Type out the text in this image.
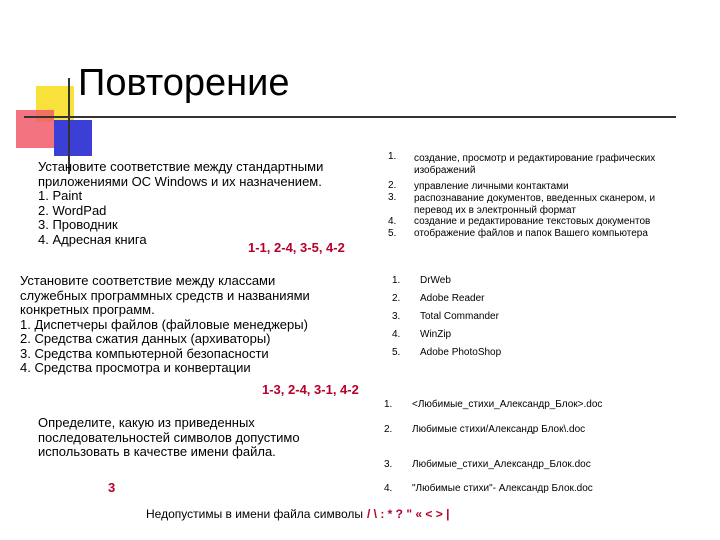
Повторение
Установите соответствие между стандартными
приложениями ОС Windows и их назначением.
1. Paint
2. WordPad
3. Проводник
4. Адресная книга
1-1, 2-4, 3-5, 4-2
1.	создание, просмотр и редактирование графических
изображений
2.	управление личными контактами
3.	распознавание документов, введенных сканером, и
перевод их в электронный формат
4.	создание и редактирование текстовых документов
5.	отображение файлов и папок Вашего компьютера
Установите соответствие между классами
служебных программных средств и названиями
конкретных программ.
1. Диспетчеры файлов (файловые менеджеры)
2. Средства сжатия данных (архиваторы)
3. Средства компьютерной безопасности
4. Средства просмотра и конвертации
1-3, 2-4, 3-1, 4-2
1.	DrWeb
2.	Adobe Reader
3.	Total Commander
4.	WinZip
5.	Adobe PhotoShop
Определите, какую из приведенных
последовательностей символов допустимо
использовать в качестве имени файла.
3
1.	<Любимые_стихи_Александр_Блок>.doc
2.	Любимые стихи/Александр Блок\.doc
3.	Любимые_стихи_Александр_Блок.doc
4.	"Любимые стихи"- Александр Блок.doc
Недопустимы в имени файла символы / \ : * ? " « < > |
